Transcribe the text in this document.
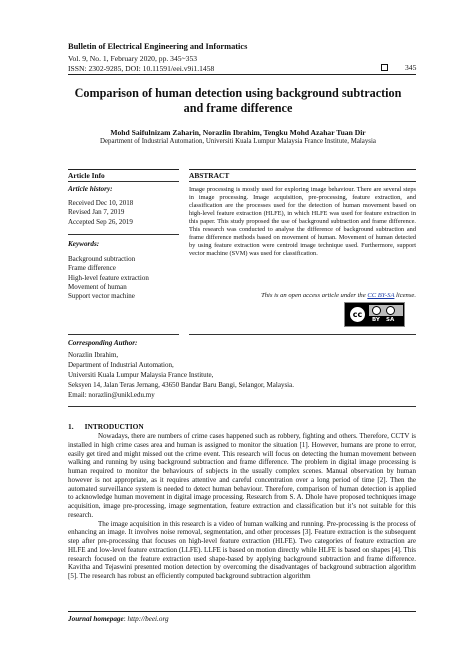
Bulletin of Electrical Engineering and Informatics
Vol. 9, No. 1, February 2020, pp. 345~353
ISSN: 2302-9285, DOI: 10.11591/eei.v9i1.1458	345
Comparison of human detection using background subtraction
and frame difference
Mohd Saifulnizam Zaharin, Norazlin Ibrahim, Tengku Mohd Azahar Tuan Dir
Department of Industrial Automation, Universiti Kuala Lumpur Malaysia France Institute, Malaysia
Article Info	ABSTRACT
Article history:
Received Dec 10, 2018
Revised Jan 7, 2019
Accepted Sep 26, 2019
Keywords:
Background subtraction
Frame difference
High-level feature extraction
Movement of human
Support vector machine
Image processing is mostly used for exploring image behaviour. There are several steps in image processing. Image acquisition, pre-processing, feature extraction, and classification are the processes used for the detection of human movement based on high-level feature extraction (HLFE), in which HLFE was used for feature extraction in this paper. This study proposed the use of background subtraction and frame difference. This research was conducted to analyse the difference of background subtraction and frame difference methods based on movement of human. Movement of human detected by using feature extraction were centroid image technique used. Furthermore, support vector machine (SVM) was used for classification.
This is an open access article under the CC BY-SA license.
cc
BY SA
Corresponding Author:
Norazlin Ibrahim,
Department of Industrial Automation,
Universiti Kuala Lumpur Malaysia France Institute,
Seksyen 14, Jalan Teras Jernang, 43650 Bandar Baru Bangi, Selangor, Malaysia.
Email: norazlin@unikl.edu.my
1.      INTRODUCTION

Nowadays, there are numbers of crime cases happened such as robbery, fighting and others. Therefore, CCTV is installed in high crime cases area and human is assigned to monitor the situation [1]. However, humans are prone to error, easily get tired and might missed out the crime event. This research will focus on detecting the human movement between walking and running by using background subtraction and frame difference. The problem in digital image processing is human required to monitor the behaviours of subjects in the usually complex scenes. Manual observation by human however is not appropriate, as it requires attentive and careful concentration over a long period of time [2]. Then the automated surveillance system is needed to detect human behaviour. Therefore, comparison of human detection is applied to acknowledge human movement in digital image processing. Research from S. A. Dhole have proposed techniques image acquisition, image pre-processing, image segmentation, feature extraction and classification but it’s not suitable for this research.

The image acquisition in this research is a video of human walking and running. Pre-processing is the process of enhancing an image. It involves noise removal, segmentation, and other processes [3]. Feature extraction is the subsequent step after pre-processing that focuses on high-level feature extraction (HLFE). Two categories of feature extraction are HLFE and low-level feature extraction (LLFE). LLFE is based on motion directly while HLFE is based on shapes [4]. This research focused on the feature extraction used shape-based by applying background subtraction and frame difference. Kavitha and Tejaswini presented motion detection by overcoming the disadvantages of background subtraction algorithm [5]. The research has robust an efficiently computed background subtraction algorithm

Journal homepage: http://beei.org
